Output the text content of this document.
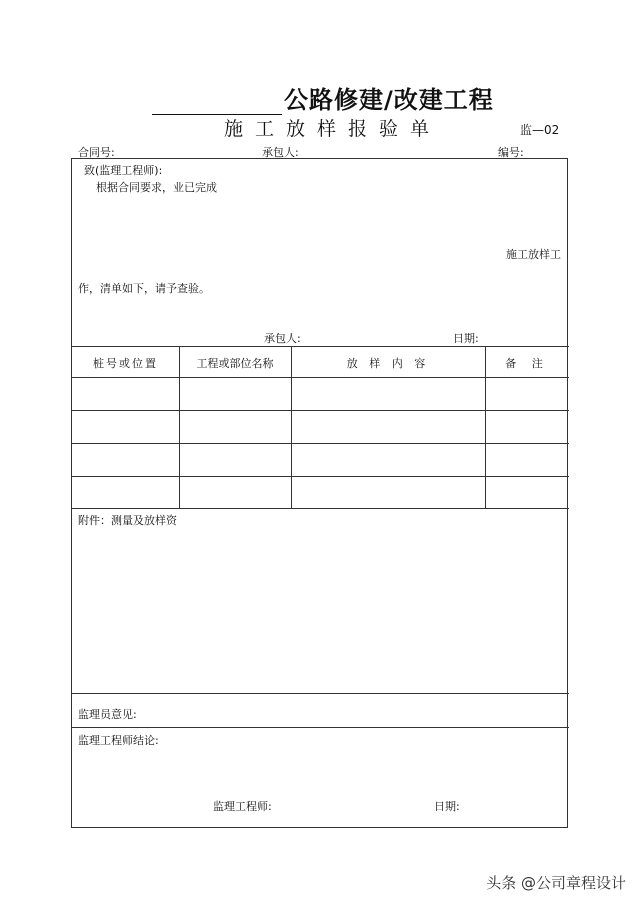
公路修建/改建工程
施工放样报验单	监—02
合同号:	承包人:	编号:
致(监理工程师):
根据合同要求，业已完成
施工放样工
作，清单如下，请予查验。
承包人:	日期:
桩号或位置	工程或部位名称	放 样 内 容	备 注
附件：测量及放样资
监理员意见:
监理工程师结论:
监理工程师:	日期:
头条 @公司章程设计
